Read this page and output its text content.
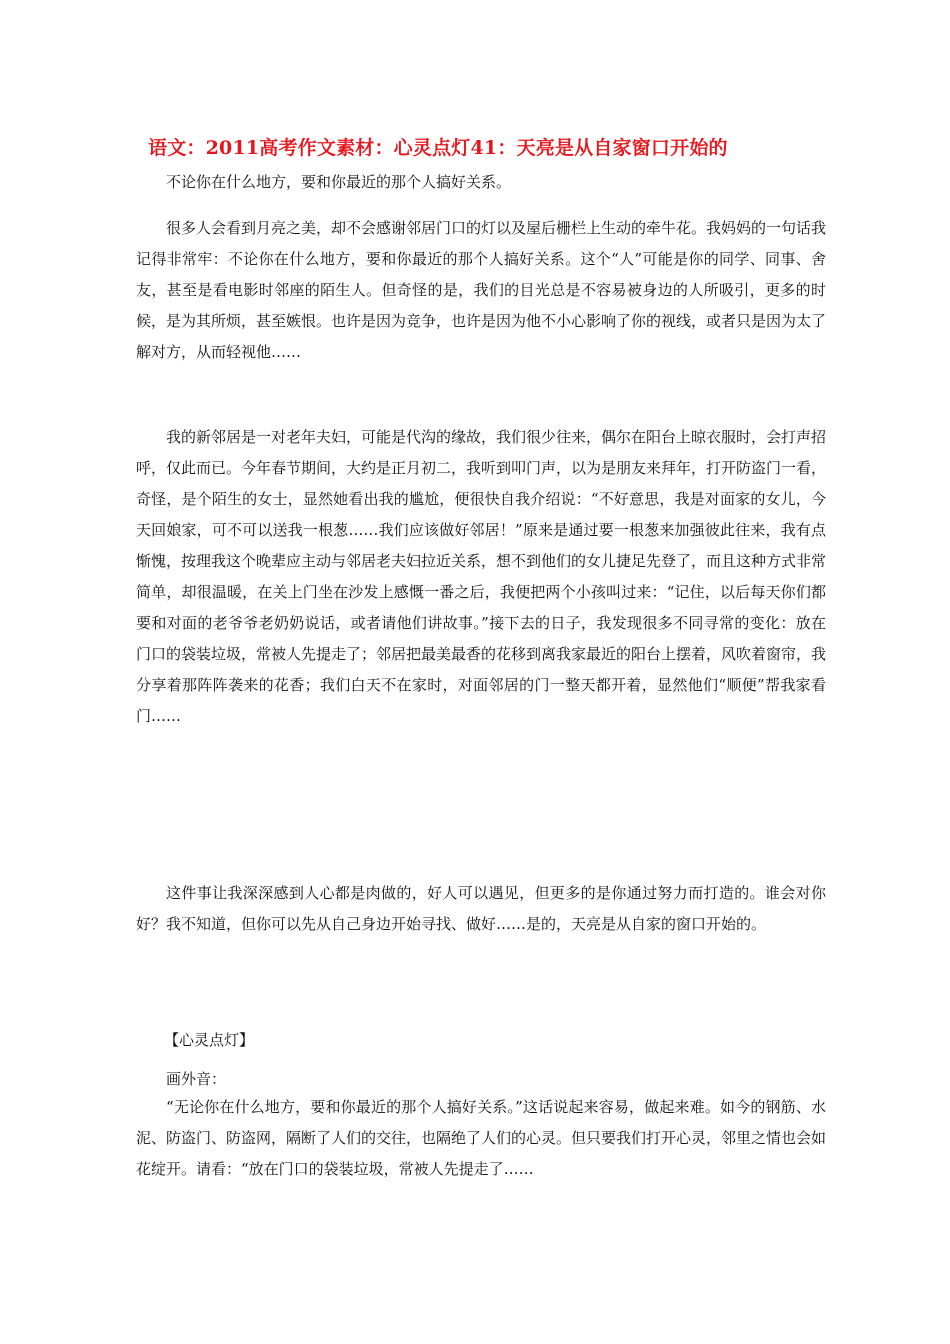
语文：2011高考作文素材：心灵点灯41：天亮是从自家窗口开始的

不论你在什么地方，要和你最近的那个人搞好关系。

很多人会看到月亮之美，却不会感谢邻居门口的灯以及屋后栅栏上生动的牵牛花。我妈妈的一句话我记得非常牢：不论你在什么地方，要和你最近的那个人搞好关系。这个“人”可能是你的同学、同事、舍友，甚至是看电影时邻座的陌生人。但奇怪的是，我们的目光总是不容易被身边的人所吸引，更多的时候，是为其所烦，甚至嫉恨。也许是因为竞争，也许是因为他不小心影响了你的视线，或者只是因为太了解对方，从而轻视他……

我的新邻居是一对老年夫妇，可能是代沟的缘故，我们很少往来，偶尔在阳台上晾衣服时，会打声招呼，仅此而已。今年春节期间，大约是正月初二，我听到叩门声，以为是朋友来拜年，打开防盗门一看，奇怪，是个陌生的女士，显然她看出我的尴尬，便很快自我介绍说：“不好意思，我是对面家的女儿，今天回娘家，可不可以送我一根葱……我们应该做好邻居！”原来是通过要一根葱来加强彼此往来，我有点惭愧，按理我这个晚辈应主动与邻居老夫妇拉近关系，想不到他们的女儿捷足先登了，而且这种方式非常简单，却很温暖，在关上门坐在沙发上感慨一番之后，我便把两个小孩叫过来：“记住，以后每天你们都要和对面的老爷爷老奶奶说话，或者请他们讲故事。”接下去的日子，我发现很多不同寻常的变化：放在门口的袋装垃圾，常被人先提走了；邻居把最美最香的花移到离我家最近的阳台上摆着，风吹着窗帘，我分享着那阵阵袭来的花香；我们白天不在家时，对面邻居的门一整天都开着，显然他们“顺便”帮我家看门……

这件事让我深深感到人心都是肉做的，好人可以遇见，但更多的是你通过努力而打造的。谁会对你好？我不知道，但你可以先从自己身边开始寻找、做好……是的，天亮是从自家的窗口开始的。

【心灵点灯】

画外音：

“无论你在什么地方，要和你最近的那个人搞好关系。”这话说起来容易，做起来难。如今的钢筋、水泥、防盗门、防盗网，隔断了人们的交往，也隔绝了人们的心灵。但只要我们打开心灵，邻里之情也会如花绽开。请看：“放在门口的袋装垃圾，常被人先提走了……
